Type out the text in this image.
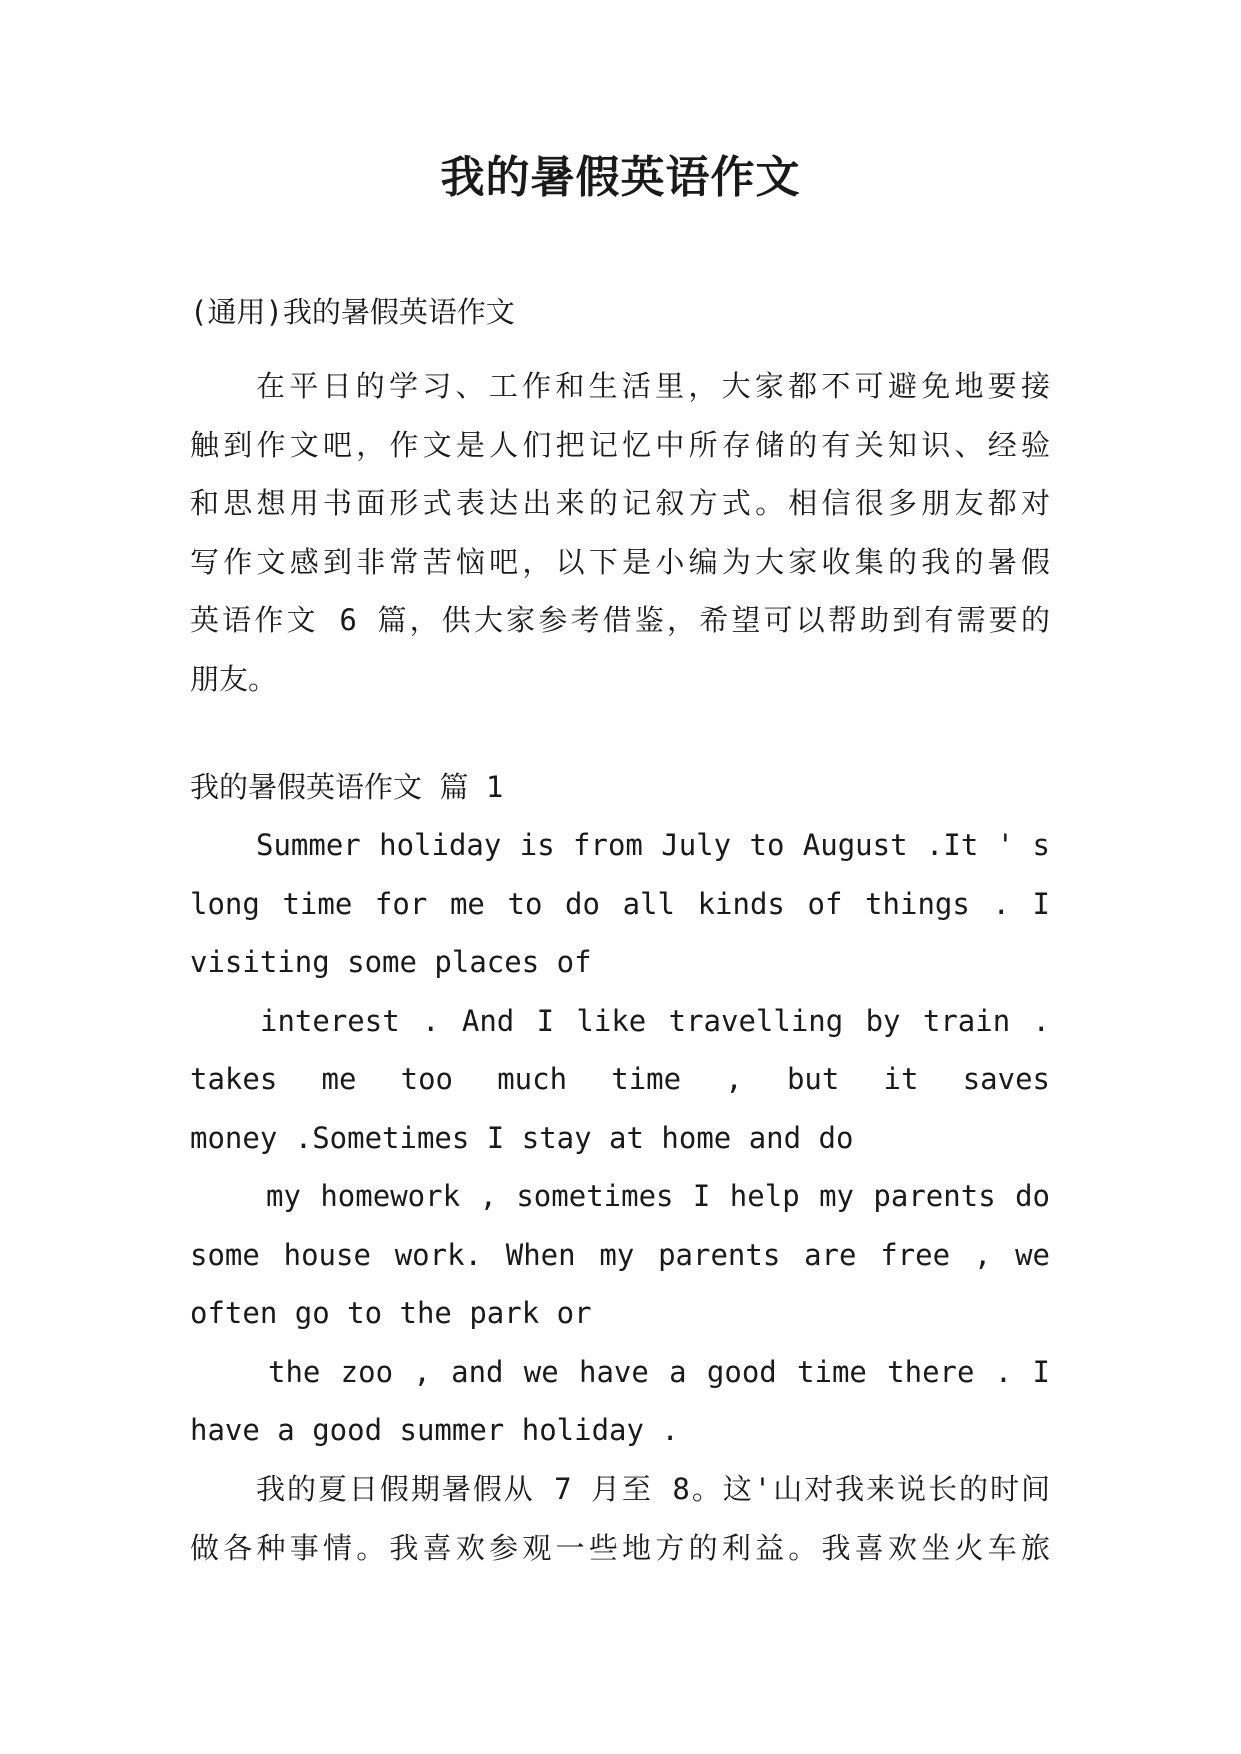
我的暑假英语作文
(通用)我的暑假英语作文
在平日的学习、工作和生活里，大家都不可避免地要接
触到作文吧，作文是人们把记忆中所存储的有关知识、经验
和思想用书面形式表达出来的记叙方式。相信很多朋友都对
写作文感到非常苦恼吧，以下是小编为大家收集的我的暑假
英语作文 6 篇，供大家参考借鉴，希望可以帮助到有需要的
朋友。
我的暑假英语作文 篇 1
Summer holiday is from July to August .It ' s
long time for me to do all kinds of things . I
visiting some places of
interest . And I like travelling by train .
takes me too much time , but it saves
money .Sometimes I stay at home and do
my homework , sometimes I help my parents do
some house work. When my parents are free , we
often go to the park or
the zoo , and we have a good time there . I
have a good summer holiday .
我的夏日假期暑假从 7 月至 8。这'山对我来说长的时间
做各种事情。我喜欢参观一些地方的利益。我喜欢坐火车旅
